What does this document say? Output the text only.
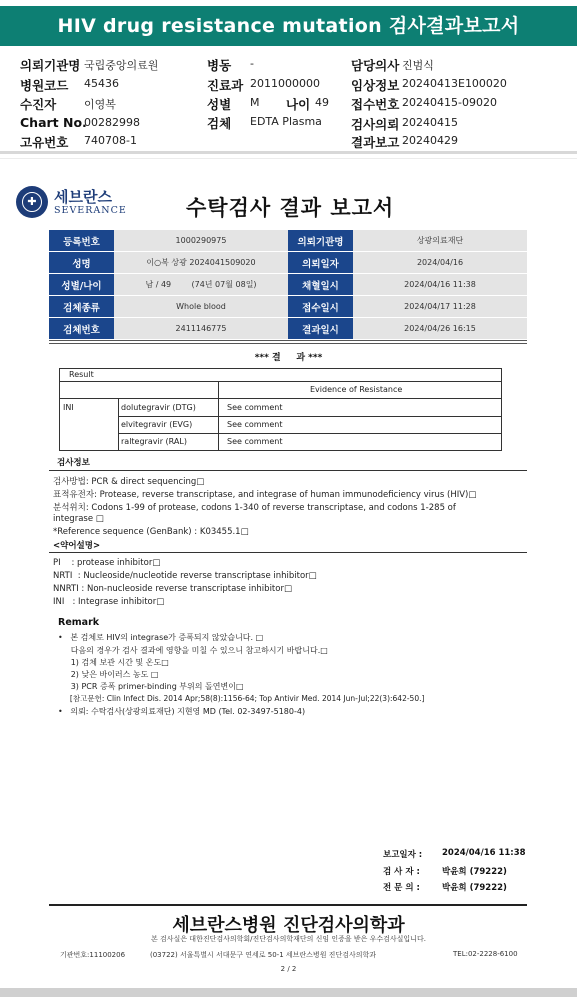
HIV drug resistance mutation 검사결과보고서
의뢰기관명 국립중앙의료원
병원코드 45436
수진자	이영복
Chart No.
00282998
고유번호 740708-1
병동 -
진료과 2011000000
성별 M 나이 49
검체 EDTA Plasma
담당의사 진범식
임상정보 20240413E100020
접수번호 20240415-09020
검사의뢰 20240415
결과보고 20240429
✚ 세브란스
SEVERANCE	수탁검사 결과 보고서
등록번호	1000290975	의뢰기관명	상광의료재단
성명	이○복 상광 2024041509020	의뢰일자	2024/04/16
성별/나이	남 / 49        (74년 07월 08일)	채혈일시	2024/04/16 11:38
검체종류	Whole blood	접수일시	2024/04/17 11:28
검체번호	2411146775	결과일시	2024/04/26 16:15
*** 결     과 ***
Result
Evidence of Resistance
INI	dolutegravir (DTG)	See comment
elvitegravir (EVG)	See comment
raltegravir (RAL)	See comment
검사정보
검사방법: PCR & direct sequencing□
표적유전자: Protease, reverse transcriptase, and integrase of human immunodeficiency virus (HIV)□
분석위치: Codons 1-99 of protease, codons 1-340 of reverse transcriptase, and codons 1-285 of
integrase □
*Reference sequence (GenBank) : K03455.1□
<약어설명>
PI    : protease inhibitor□
NRTI  : Nucleoside/nucleotide reverse transcriptase inhibitor□
NNRTI : Non-nucleoside reverse transcriptase inhibitor□
INI   : Integrase inhibitor□
Remark
•   본 검체로 HIV의 integrase가 증폭되지 않았습니다. □
다음의 경우가 검사 결과에 영향을 미칠 수 있으니 참고하시기 바랍니다.□
1) 검체 보관 시간 및 온도□
2) 낮은 바이러스 농도 □
3) PCR 증폭 primer-binding 부위의 돌연변이□
[참고문헌: Clin Infect Dis. 2014 Apr;58(8):1156-64; Top Antivir Med. 2014 Jun-Jul;22(3):642-50.]
•   의뢰: 수탁검사(상광의료재단) 지현영 MD (Tel. 02-3497-5180-4)
보고일자 : 2024/04/16 11:38
검 사 자 :	박윤희 (79222)
전 문 의 :	박윤희 (79222)
세브란스병원 진단검사의학과
본 검사실은 대한진단검사의학회/진단검사의학재단의 신임 인증을 받은 우수검사실입니다.
기관번호:11100206	(03722) 서울특별시 서대문구 연세로 50-1 세브란스병원 진단검사의학과	TEL:02-2228-6100
2 / 2
